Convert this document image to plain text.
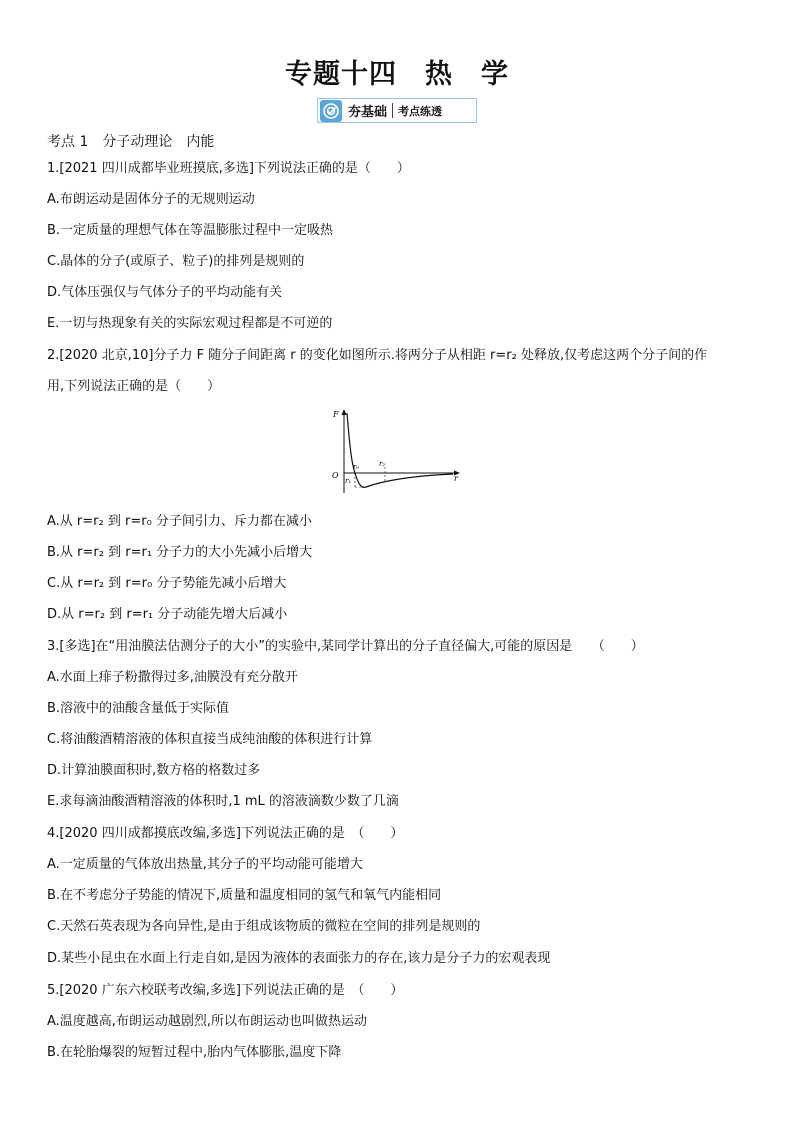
专题十四　热　学
夯基础 考点练透
考点 1　分子动理论　内能
1.[2021 四川成都毕业班摸底,多选]下列说法正确的是（　　）
A.布朗运动是固体分子的无规则运动
B.一定质量的理想气体在等温膨胀过程中一定吸热
C.晶体的分子(或原子、粒子)的排列是规则的
D.气体压强仅与气体分子的平均动能有关
E.一切与热现象有关的实际宏观过程都是不可逆的
2.[2020 北京,10]分子力 F 随分子间距离 r 的变化如图所示.将两分子从相距 r=r₂ 处释放,仅考虑这两个分子间的作
用,下列说法正确的是（　　）
F
O	r
r₀
r₁
r₂
A.从 r=r₂ 到 r=r₀ 分子间引力、斥力都在减小
B.从 r=r₂ 到 r=r₁ 分子力的大小先减小后增大
C.从 r=r₂ 到 r=r₀ 分子势能先减小后增大
D.从 r=r₂ 到 r=r₁ 分子动能先增大后减小
3.[多选]在“用油膜法估测分子的大小”的实验中,某同学计算出的分子直径偏大,可能的原因是　　（　　）
A.水面上痱子粉撒得过多,油膜没有充分散开
B.溶液中的油酸含量低于实际值
C.将油酸酒精溶液的体积直接当成纯油酸的体积进行计算
D.计算油膜面积时,数方格的格数过多
E.求每滴油酸酒精溶液的体积时,1 mL 的溶液滴数少数了几滴
4.[2020 四川成都摸底改编,多选]下列说法正确的是　（　　）
A.一定质量的气体放出热量,其分子的平均动能可能增大
B.在不考虑分子势能的情况下,质量和温度相同的氢气和氧气内能相同
C.天然石英表现为各向异性,是由于组成该物质的微粒在空间的排列是规则的
D.某些小昆虫在水面上行走自如,是因为液体的表面张力的存在,该力是分子力的宏观表现
5.[2020 广东六校联考改编,多选]下列说法正确的是　（　　）
A.温度越高,布朗运动越剧烈,所以布朗运动也叫做热运动
B.在轮胎爆裂的短暂过程中,胎内气体膨胀,温度下降
